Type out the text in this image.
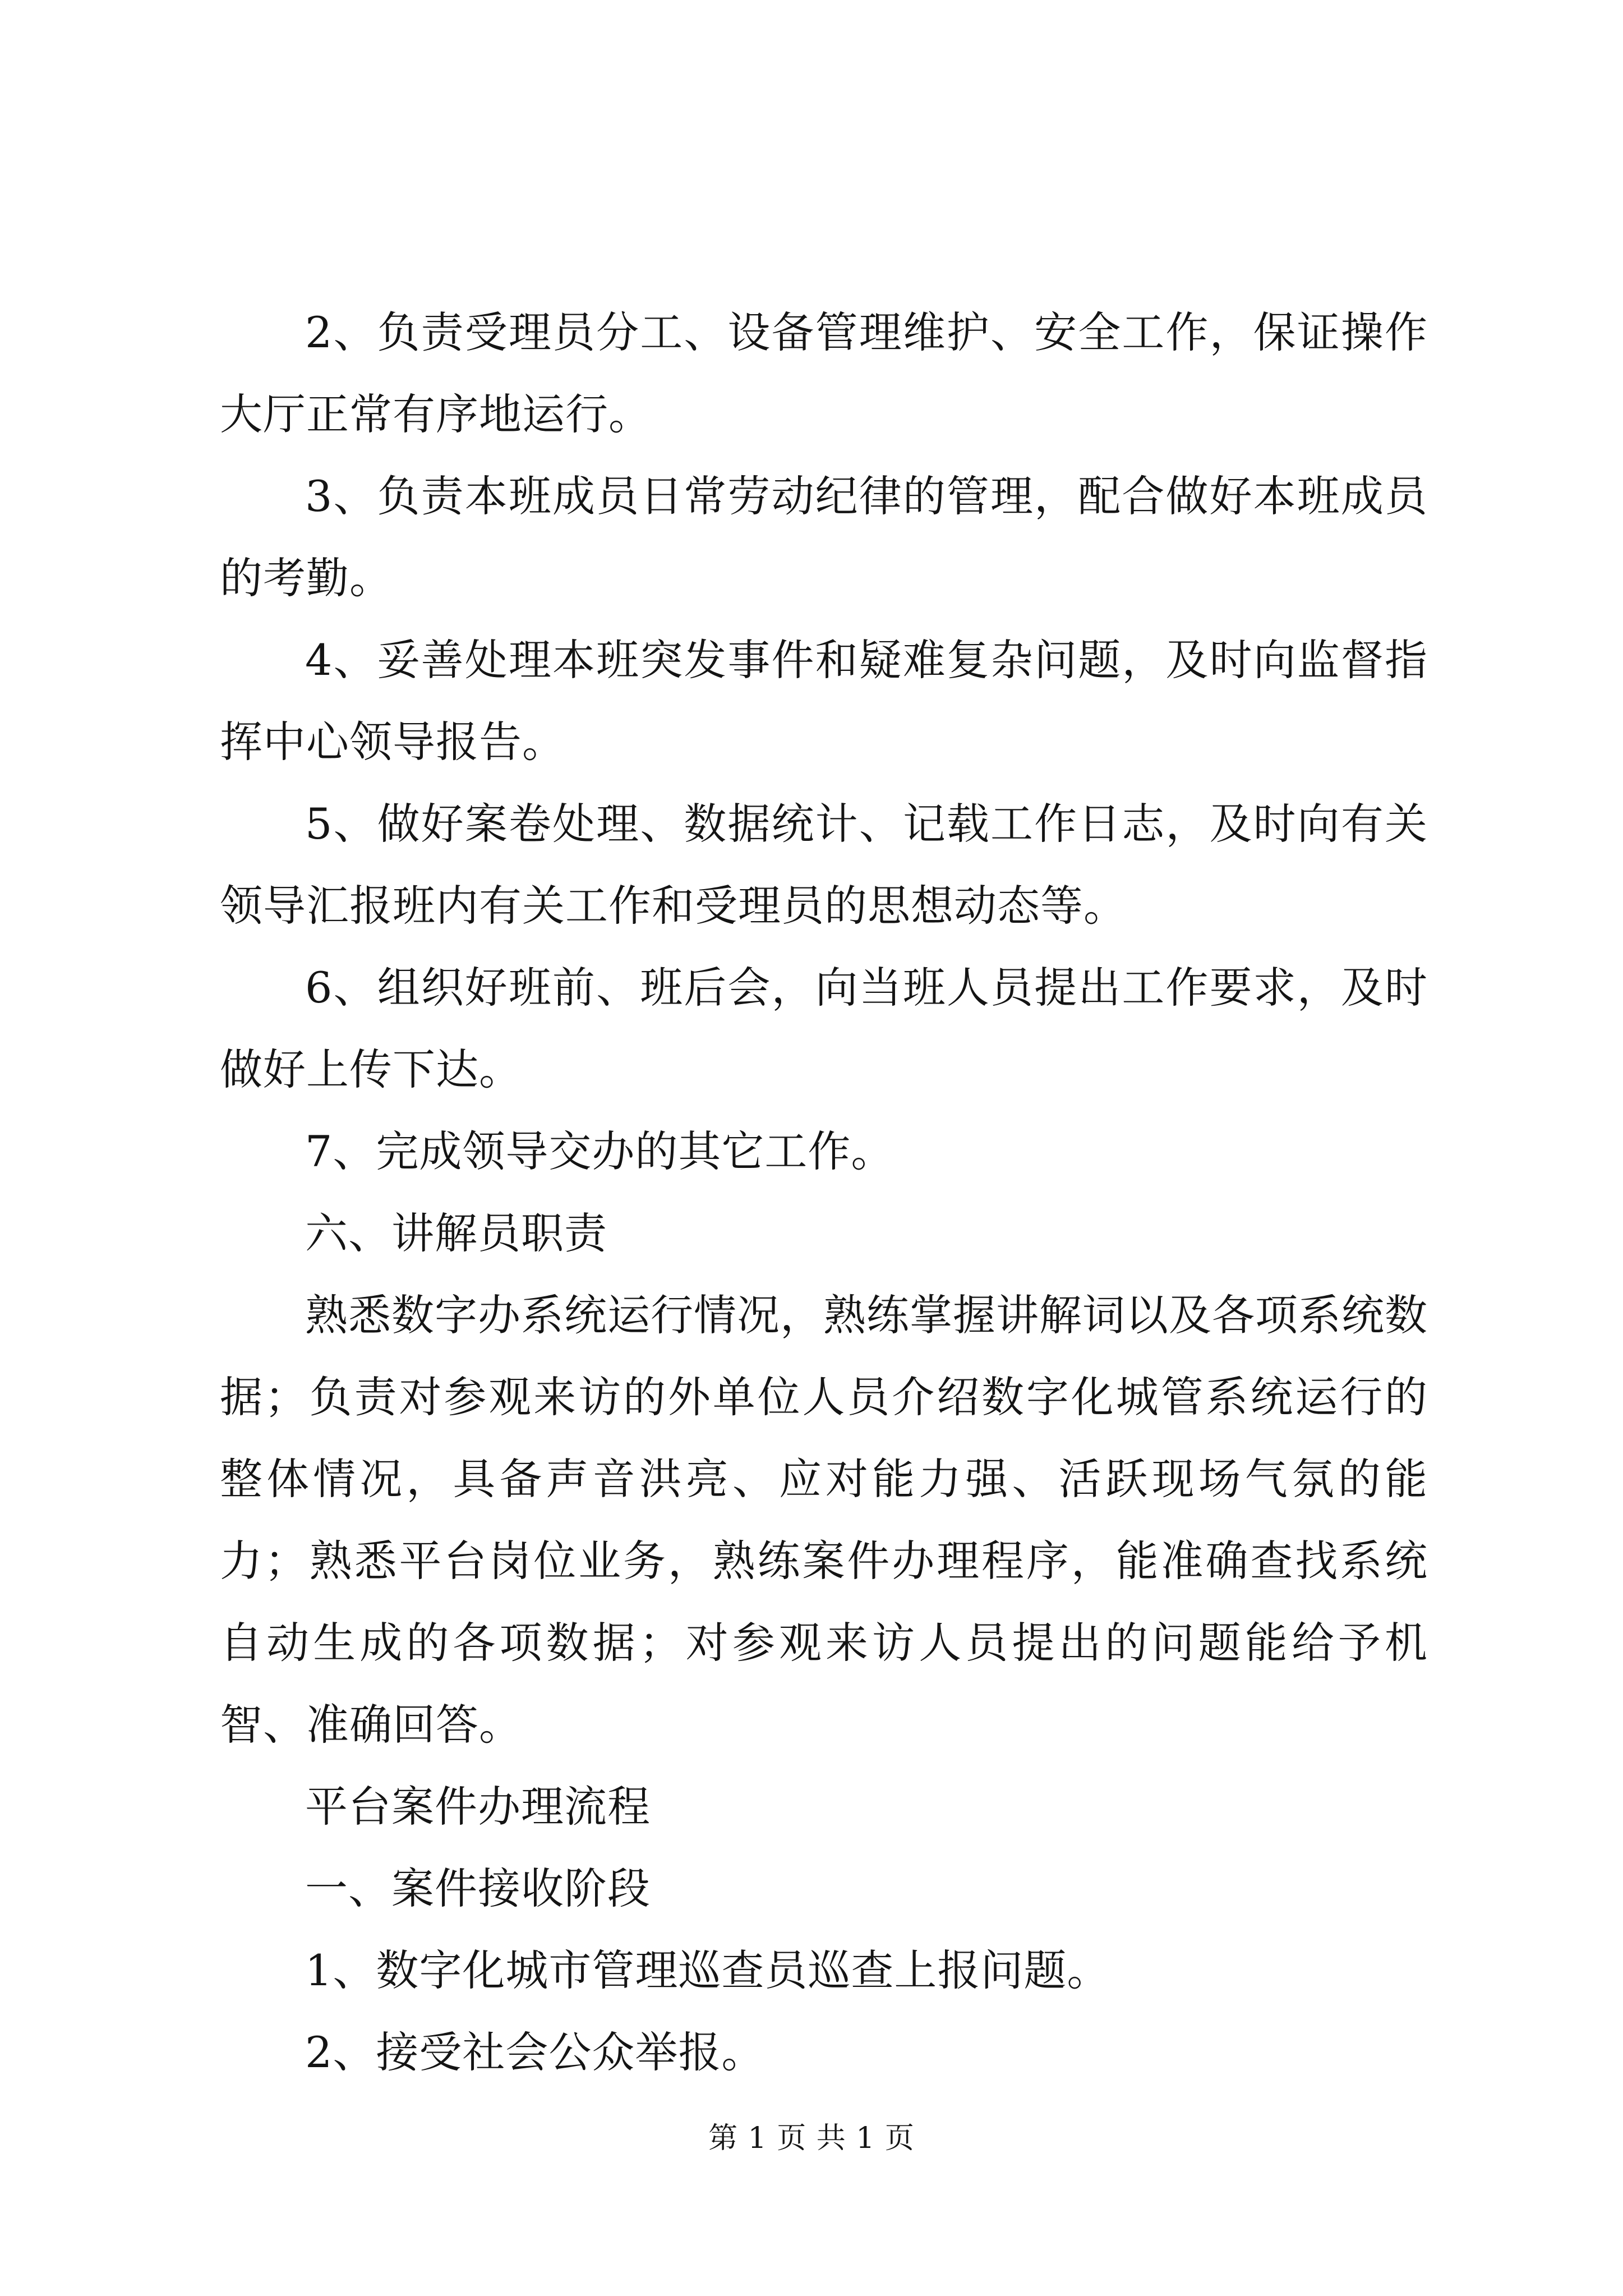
2、负责受理员分工、设备管理维护、安全工作，保证操作大厅正常有序地运行。

3、负责本班成员日常劳动纪律的管理，配合做好本班成员的考勤。

4、妥善处理本班突发事件和疑难复杂问题，及时向监督指挥中心领导报告。

5、做好案卷处理、数据统计、记载工作日志，及时向有关领导汇报班内有关工作和受理员的思想动态等。

6、组织好班前、班后会，向当班人员提出工作要求，及时做好上传下达。

7、完成领导交办的其它工作。

六、讲解员职责

熟悉数字办系统运行情况，熟练掌握讲解词以及各项系统数据；负责对参观来访的外单位人员介绍数字化城管系统运行的整体情况，具备声音洪亮、应对能力强、活跃现场气氛的能力；熟悉平台岗位业务，熟练案件办理程序，能准确查找系统自动生成的各项数据；对参观来访人员提出的问题能给予机智、准确回答。

平台案件办理流程

一、案件接收阶段

1、数字化城市管理巡查员巡查上报问题。

2、接受社会公众举报。

第 1 页 共 1 页
